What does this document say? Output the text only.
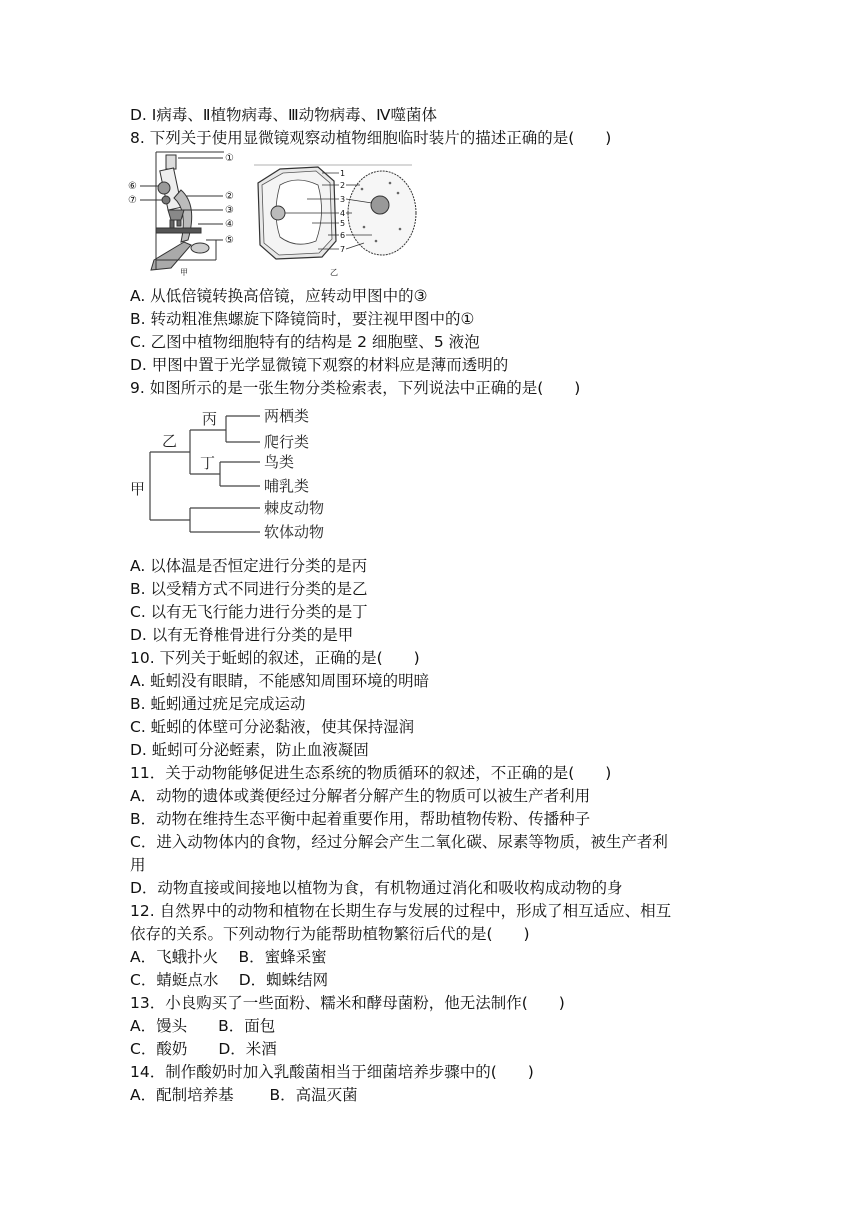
D. Ⅰ病毒、Ⅱ植物病毒、Ⅲ动物病毒、Ⅳ噬菌体
8. 下列关于使用显微镜观察动植物细胞临时装片的描述正确的是(　　)
①
②
③
④
⑤
⑥
⑦
甲
1
2
3
4
5
6
7
乙
A. 从低倍镜转换高倍镜，应转动甲图中的③
B. 转动粗准焦螺旋下降镜筒时，要注视甲图中的①
C. 乙图中植物细胞特有的结构是 2 细胞壁、5 液泡
D. 甲图中置于光学显微镜下观察的材料应是薄而透明的
9. 如图所示的是一张生物分类检索表，下列说法中正确的是(　　)
甲
乙
丙
丁
两栖类
爬行类
鸟类
哺乳类
棘皮动物
软体动物
A. 以体温是否恒定进行分类的是丙
B. 以受精方式不同进行分类的是乙
C. 以有无飞行能力进行分类的是丁
D. 以有无脊椎骨进行分类的是甲
10. 下列关于蚯蚓的叙述，正确的是(　　)
A. 蚯蚓没有眼睛，不能感知周围环境的明暗
B. 蚯蚓通过疣足完成运动
C. 蚯蚓的体壁可分泌黏液，使其保持湿润
D. 蚯蚓可分泌蛭素，防止血液凝固
11．关于动物能够促进生态系统的物质循环的叙述，不正确的是(　　)
A．动物的遗体或粪便经过分解者分解产生的物质可以被生产者利用
B．动物在维持生态平衡中起着重要作用，帮助植物传粉、传播种子
C．进入动物体内的食物，经过分解会产生二氧化碳、尿素等物质，被生产者利
用
D．动物直接或间接地以植物为食，有机物通过消化和吸收构成动物的身
12. 自然界中的动物和植物在长期生存与发展的过程中，形成了相互适应、相互
依存的关系。下列动物行为能帮助植物繁衍后代的是(　　)
A．飞蛾扑火　 B．蜜蜂采蜜
C．蜻蜓点水　 D．蜘蛛结网
13．小良购买了一些面粉、糯米和酵母菌粉，他无法制作(　　)
A．馒头　　B．面包
C．酸奶　　D．米酒
14．制作酸奶时加入乳酸菌相当于细菌培养步骤中的(　　)
A．配制培养基　　 B．高温灭菌
